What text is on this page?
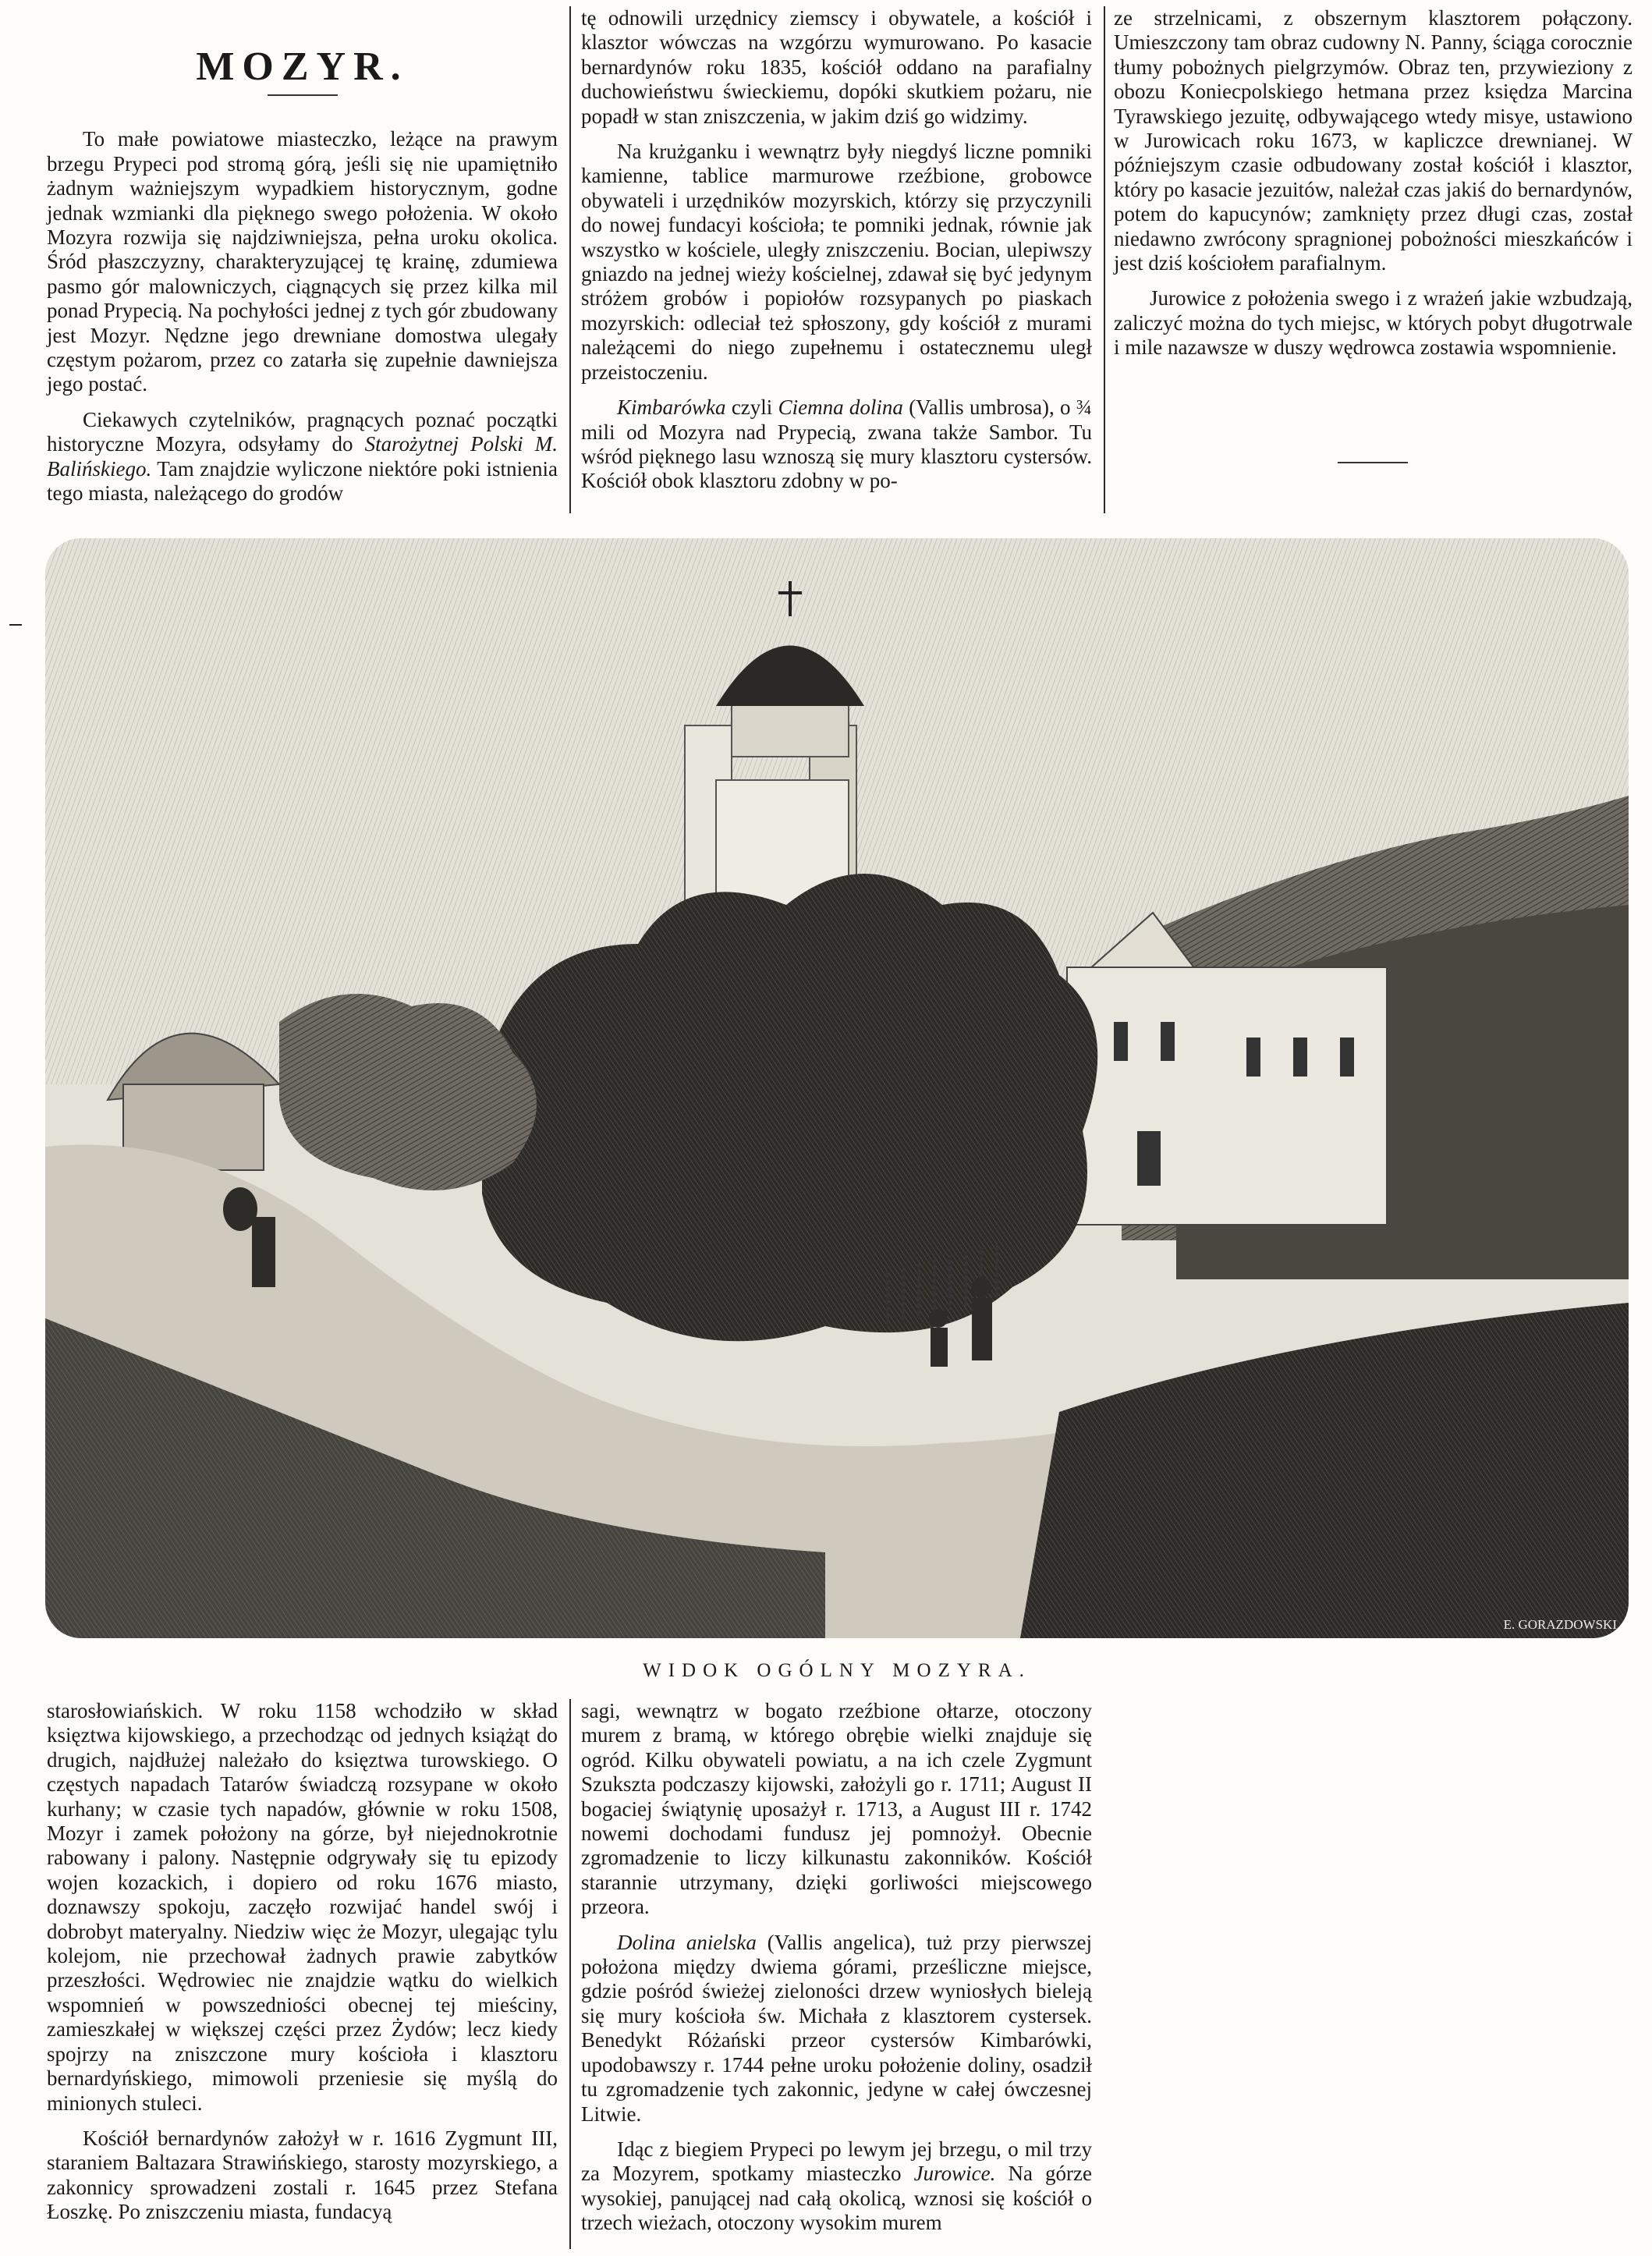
MOZYR.

To małe powiatowe miasteczko, leżące na prawym brzegu Prypeci pod stromą górą, jeśli się nie upamiętniło żadnym ważniejszym wypadkiem historycznym, godne jednak wzmianki dla pięknego swego położenia. W około Mozyra rozwija się najdziwniejsza, pełna uroku okolica. Śród płaszczyzny, charakteryzującej tę krainę, zdumiewa pasmo gór malowniczych, ciągnących się przez kilka mil ponad Prypecią. Na pochyłości jednej z tych gór zbudowany jest Mozyr. Nędzne jego drewniane domostwa ulegały częstym pożarom, przez co zatarła się zupełnie dawniejsza jego postać.

Ciekawych czytelników, pragnących poznać początki historyczne Mozyra, odsyłamy do Starożytnej Polski M. Balińskiego. Tam znajdzie wyliczone niektóre poki istnienia tego miasta, należącego do grodów

tę odnowili urzędnicy ziemscy i obywatele, a kościół i klasztor wówczas na wzgórzu wymurowano. Po kasacie bernardynów roku 1835, kościół oddano na parafialny duchowieństwu świeckiemu, dopóki skutkiem pożaru, nie popadł w stan zniszczenia, w jakim dziś go widzimy.

Na krużganku i wewnątrz były niegdyś liczne pomniki kamienne, tablice marmurowe rzeźbione, grobowce obywateli i urzędników mozyrskich, którzy się przyczynili do nowej fundacyi kościoła; te pomniki jednak, równie jak wszystko w kościele, uległy zniszczeniu. Bocian, ulepiwszy gniazdo na jednej wieży kościelnej, zdawał się być jedynym stróżem grobów i popiołów rozsypanych po piaskach mozyrskich: odleciał też spłoszony, gdy kościół z murami należącemi do niego zupełnemu i ostatecznemu uległ przeistoczeniu.

Kimbarówka czyli Ciemna dolina (Vallis umbrosa), o ¾ mili od Mozyra nad Prypecią, zwana także Sambor. Tu wśród pięknego lasu wznoszą się mury klasztoru cystersów. Kościół obok klasztoru zdobny w po-

ze strzelnicami, z obszernym klasztorem połączony. Umieszczony tam obraz cudowny N. Panny, ściąga corocznie tłumy pobożnych pielgrzymów. Obraz ten, przywieziony z obozu Koniecpolskiego hetmana przez księdza Marcina Tyrawskiego jezuitę, odbywającego wtedy misye, ustawiono w Jurowicach roku 1673, w kapliczce drewnianej. W późniejszym czasie odbudowany został kościół i klasztor, który po kasacie jezuitów, należał czas jakiś do bernardynów, potem do kapucynów; zamknięty przez długi czas, został niedawno zwrócony spragnionej pobożności mieszkańców i jest dziś kościołem parafialnym.

Jurowice z położenia swego i z wrażeń jakie wzbudzają, zaliczyć można do tych miejsc, w których pobyt długotrwale i mile nazawsze w duszy wędrowca zostawia wspomnienie.

E. GORAZDOWSKI
WIDOK OGÓLNY MOZYRA.

starosłowiańskich. W roku 1158 wchodziło w skład księztwa kijowskiego, a przechodząc od jednych książąt do drugich, najdłużej należało do księztwa turowskiego. O częstych napadach Tatarów świadczą rozsypane w około kurhany; w czasie tych napadów, głównie w roku 1508, Mozyr i zamek położony na górze, był niejednokrotnie rabowany i palony. Następnie odgrywały się tu epizody wojen kozackich, i dopiero od roku 1676 miasto, doznawszy spokoju, zaczęło rozwijać handel swój i dobrobyt materyalny. Niedziw więc że Mozyr, ulegając tylu kolejom, nie przechował żadnych prawie zabytków przeszłości. Wędrowiec nie znajdzie wątku do wielkich wspomnień w powszedniości obecnej tej mieściny, zamieszkałej w większej części przez Żydów; lecz kiedy spojrzy na zniszczone mury kościoła i klasztoru bernardyńskiego, mimowoli przeniesie się myślą do minionych stuleci.

Kościół bernardynów założył w r. 1616 Zygmunt III, staraniem Baltazara Strawińskiego, starosty mozyrskiego, a zakonnicy sprowadzeni zostali r. 1645 przez Stefana Łoszkę. Po zniszczeniu miasta, fundacyą

sagi, wewnątrz w bogato rzeźbione ołtarze, otoczony murem z bramą, w którego obrębie wielki znajduje się ogród. Kilku obywateli powiatu, a na ich czele Zygmunt Szukszta podczaszy kijowski, założyli go r. 1711; August II bogaciej świątynię uposażył r. 1713, a August III r. 1742 nowemi dochodami fundusz jej pomnożył. Obecnie zgromadzenie to liczy kilkunastu zakonników. Kościół starannie utrzymany, dzięki gorliwości miejscowego przeora.

Dolina anielska (Vallis angelica), tuż przy pierwszej położona między dwiema górami, prześliczne miejsce, gdzie pośród świeżej zieloności drzew wyniosłych bieleją się mury kościoła św. Michała z klasztorem cystersek. Benedykt Różański przeor cystersów Kimbarówki, upodobawszy r. 1744 pełne uroku położenie doliny, osadził tu zgromadzenie tych zakonnic, jedyne w całej ówczesnej Litwie.

Idąc z biegiem Prypeci po lewym jej brzegu, o mil trzy za Mozyrem, spotkamy miasteczko Jurowice. Na górze wysokiej, panującej nad całą okolicą, wznosi się kościół o trzech wieżach, otoczony wysokim murem
